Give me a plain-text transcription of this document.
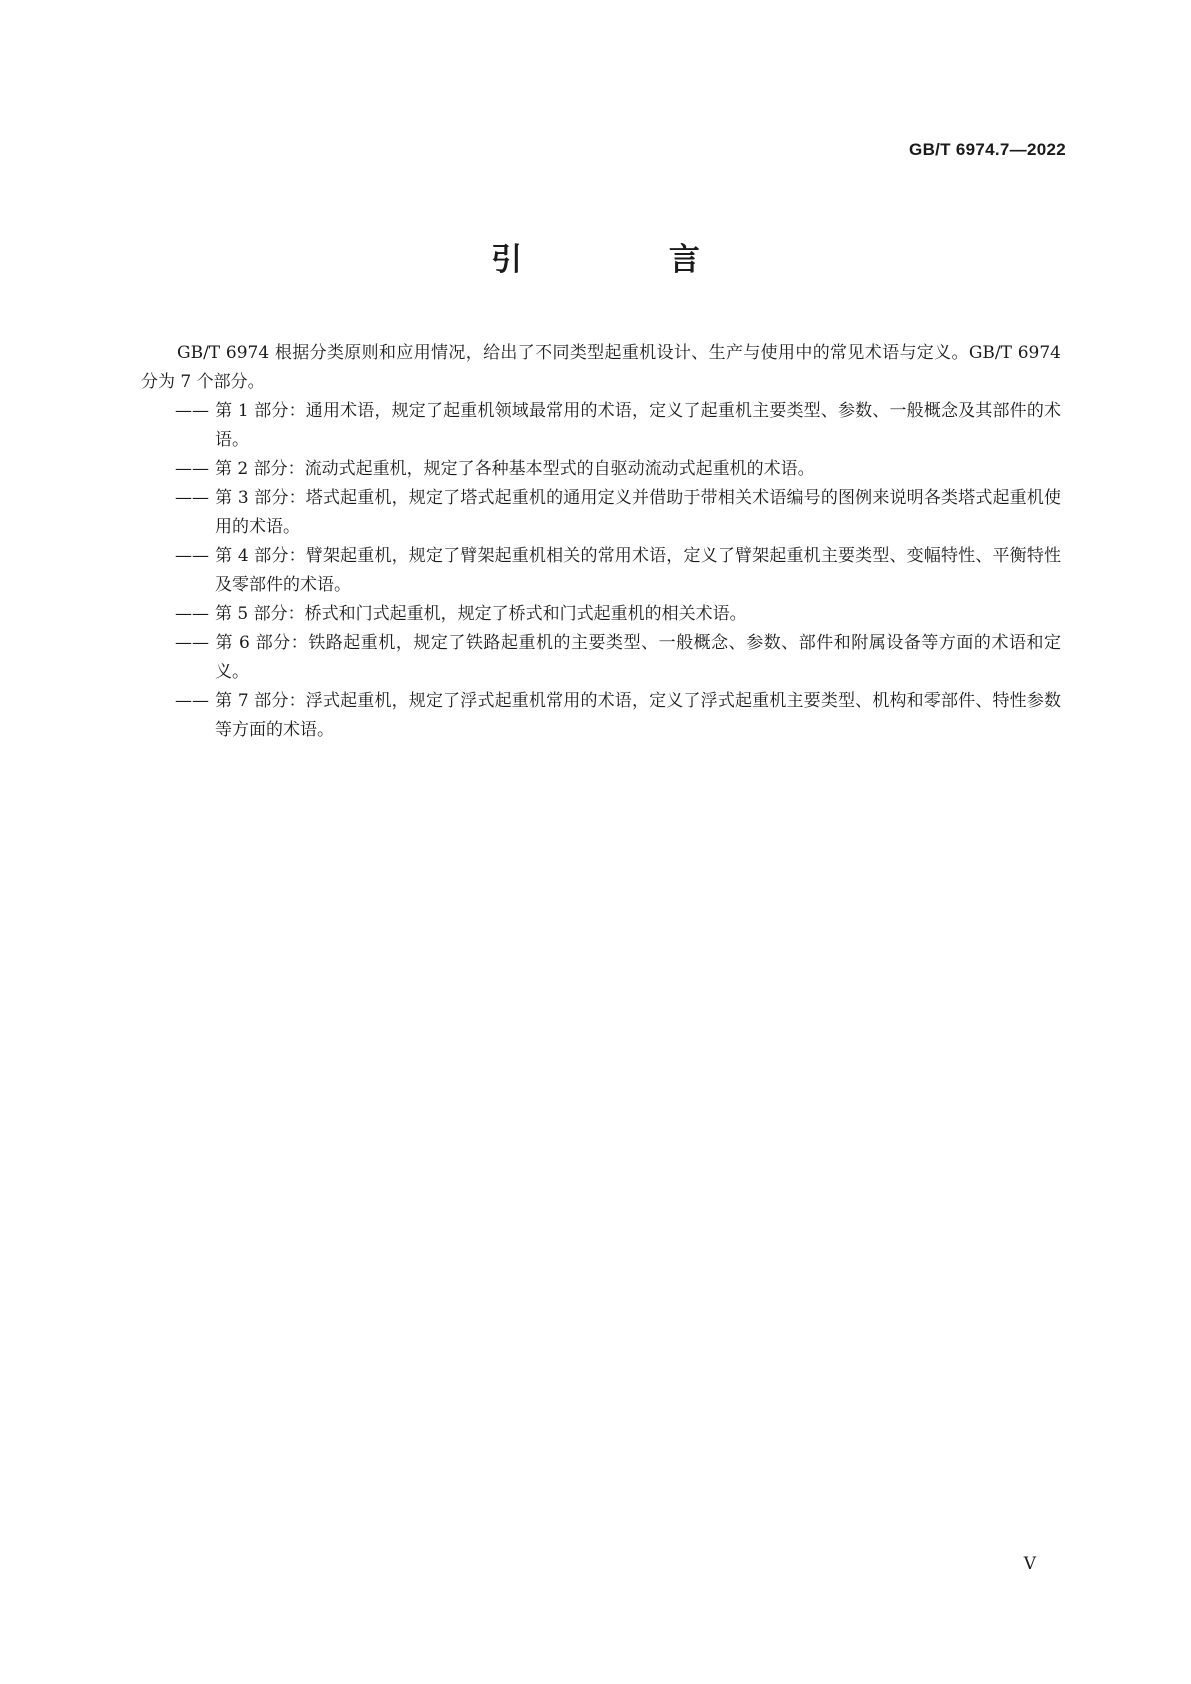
GB/T 6974.7—2022
引 言

GB/T 6974 根据分类原则和应用情况，给出了不同类型起重机设计、生产与使用中的常见术语与定义。GB/T 6974 分为 7 个部分。

—— 第 1 部分：通用术语，规定了起重机领域最常用的术语，定义了起重机主要类型、参数、一般概念及其部件的术语。
—— 第 2 部分：流动式起重机，规定了各种基本型式的自驱动流动式起重机的术语。
—— 第 3 部分：塔式起重机，规定了塔式起重机的通用定义并借助于带相关术语编号的图例来说明各类塔式起重机使用的术语。
—— 第 4 部分：臂架起重机，规定了臂架起重机相关的常用术语，定义了臂架起重机主要类型、变幅特性、平衡特性及零部件的术语。
—— 第 5 部分：桥式和门式起重机，规定了桥式和门式起重机的相关术语。
—— 第 6 部分：铁路起重机，规定了铁路起重机的主要类型、一般概念、参数、部件和附属设备等方面的术语和定义。
—— 第 7 部分：浮式起重机，规定了浮式起重机常用的术语，定义了浮式起重机主要类型、机构和零部件、特性参数等方面的术语。
V
